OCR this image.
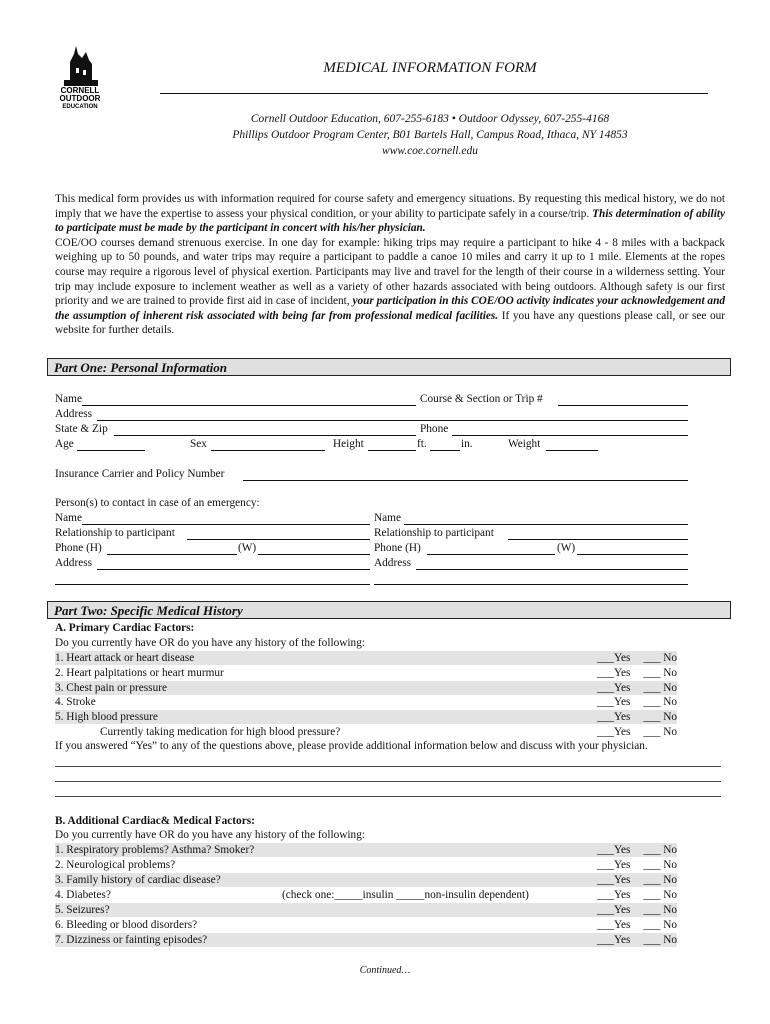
CORNELL
OUTDOOR
EDUCATION
MEDICAL INFORMATION FORM
Cornell Outdoor Education, 607-255-6183 • Outdoor Odyssey, 607-255-4168
Phillips Outdoor Program Center, B01 Bartels Hall, Campus Road, Ithaca, NY 14853
www.coe.cornell.edu
This medical form provides us with information required for course safety and emergency situations. By requesting this medical history, we do not imply that we have the expertise to assess your physical condition, or your ability to participate safely in a course/trip. This determination of ability to participate must be made by the participant in concert with his/her physician.
COE/OO courses demand strenuous exercise. In one day for example: hiking trips may require a participant to hike 4 - 8 miles with a backpack weighing up to 50 pounds, and water trips may require a participant to paddle a canoe 10 miles and carry it up to 1 mile. Elements at the ropes course may require a rigorous level of physical exertion. Participants may live and travel for the length of their course in a wilderness setting. Your trip may include exposure to inclement weather as well as a variety of other hazards associated with being outdoors. Although safety is our first priority and we are trained to provide first aid in case of incident, your participation in this COE/OO activity indicates your acknowledgement and the assumption of inherent risk associated with being far from professional medical facilities. If you have any questions please call, or see our website for further details.
Part One: Personal Information
Name	Course & Section or Trip #
Address
State & Zip	Phone
Age	Sex	Height	ft.	in.	Weight
Insurance Carrier and Policy Number
Person(s) to contact in case of an emergency:
Name
Relationship to participant
Phone (H)	(W)
Address
Name
Relationship to participant
Phone (H)	(W)
Address
Part Two: Specific Medical History
A. Primary Cardiac Factors:
Do you currently have OR do you have any history of the following:
1. Heart attack or heart disease	___Yes ___ No
2. Heart palpitations or heart murmur	___Yes ___ No
3. Chest pain or pressure	___Yes ___ No
4. Stroke	___Yes ___ No
5. High blood pressure	___Yes ___ No
Currently taking medication for high blood pressure?	___Yes ___ No
If you answered “Yes” to any of the questions above, please provide additional information below and discuss with your physician.
B. Additional Cardiac& Medical Factors:
Do you currently have OR do you have any history of the following:
1. Respiratory problems? Asthma? Smoker?	___Yes ___ No
2. Neurological problems?	___Yes ___ No
3. Family history of cardiac disease?	___Yes ___ No
4. Diabetes?	(check one:_____insulin _____non-insulin dependent)	___Yes ___ No
5. Seizures?	___Yes ___ No
6. Bleeding or blood disorders?	___Yes ___ No
7. Dizziness or fainting episodes?	___Yes ___ No
Continued…
